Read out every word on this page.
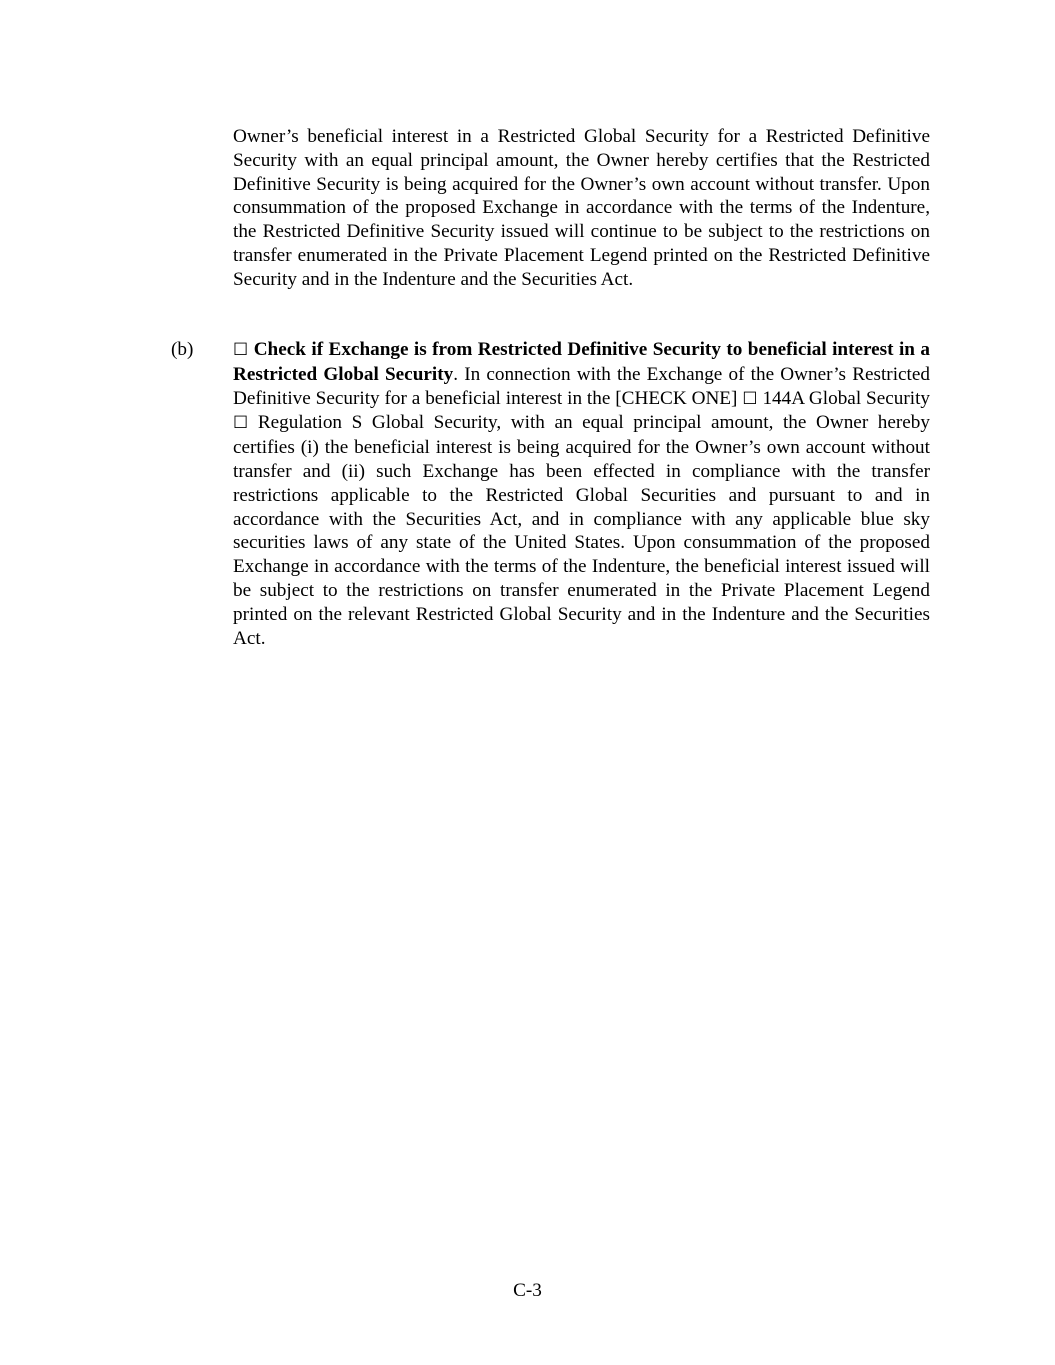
Owner’s beneficial interest in a Restricted Global Security for a Restricted Definitive Security with an equal principal amount, the Owner hereby certifies that the Restricted Definitive Security is being acquired for the Owner’s own account without transfer. Upon consummation of the proposed Exchange in accordance with the terms of the Indenture, the Restricted Definitive Security issued will continue to be subject to the restrictions on transfer enumerated in the Private Placement Legend printed on the Restricted Definitive Security and in the Indenture and the Securities Act.

(b) ☐ Check if Exchange is from Restricted Definitive Security to beneficial interest in a Restricted Global Security. In connection with the Exchange of the Owner’s Restricted Definitive Security for a beneficial interest in the [CHECK ONE] ☐ 144A Global Security ☐ Regulation S Global Security, with an equal principal amount, the Owner hereby certifies (i) the beneficial interest is being acquired for the Owner’s own account without transfer and (ii) such Exchange has been effected in compliance with the transfer restrictions applicable to the Restricted Global Securities and pursuant to and in accordance with the Securities Act, and in compliance with any applicable blue sky securities laws of any state of the United States. Upon consummation of the proposed Exchange in accordance with the terms of the Indenture, the beneficial interest issued will be subject to the restrictions on transfer enumerated in the Private Placement Legend printed on the relevant Restricted Global Security and in the Indenture and the Securities Act.

C-3
